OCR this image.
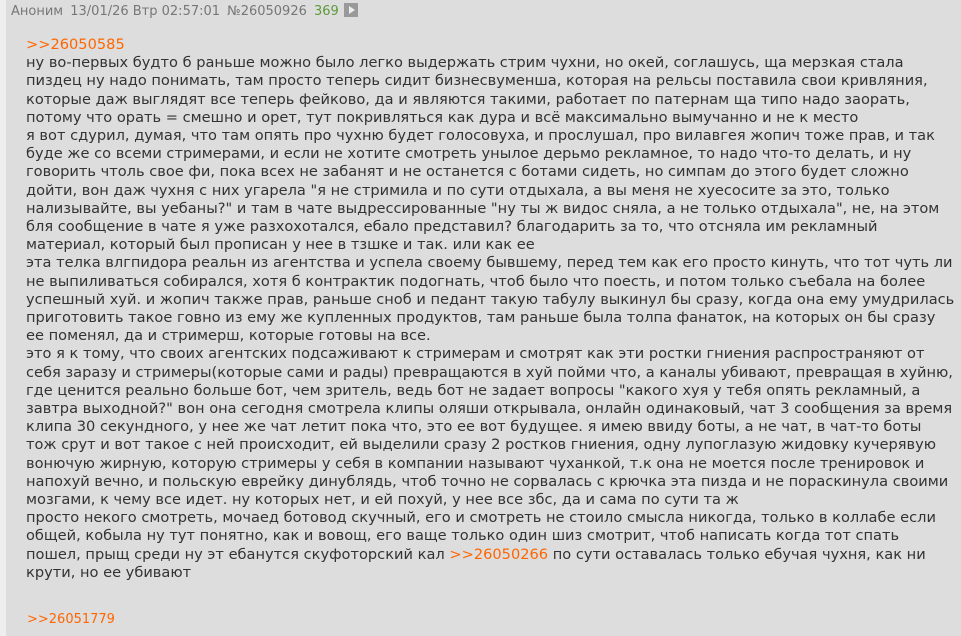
Аноним 13/01/26 Втр 02:57:01 №26050926 369

>>26050585

ну во-первых будто б раньше можно было легко выдержать стрим чухни, но окей, соглашусь, ща мерзкая стала пиздец ну надо понимать, там просто теперь сидит бизнесвуменша, которая на рельсы поставила свои кривляния, которые даж выглядят все теперь фейково, да и являются такими, работает по патернам ща типо надо заорать, потому что орать = смешно и орет, тут покривляться как дура и всё максимально вымучанно и не к место

я вот сдурил, думая, что там опять про чухню будет голосовуха, и прослушал, про вилавгея жопич тоже прав, и так буде же со всеми стримерами, и если не хотите смотреть унылое дерьмо рекламное, то надо что-то делать, и ну говорить чтоль свое фи, пока всех не забанят и не останется с ботами сидеть, но симпам до этого будет сложно дойти, вон даж чухня с них угарела "я не стримила и по сути отдыхала, а вы меня не хуесосите за это, только нализывайте, вы уебаны?" и там в чате выдрессированные "ну ты ж видос сняла, а не только отдыхала", не, на этом бля сообщение в чате я уже разхохотался, ебало представил? благодарить за то, что отсняла им рекламный материал, который был прописан у нее в тзшке и так. или как ее

эта телка влгпидора реальн из агентства и успела своему бывшему, перед тем как его просто кинуть, что тот чуть ли не выпиливаться собирался, хотя б контрактик подогнать, чтоб было что поесть, и потом только съебала на более успешный хуй. и жопич также прав, раньше сноб и педант такую табулу выкинул бы сразу, когда она ему умудрилась приготовить такое говно из ему же купленных продуктов, там раньше была толпа фанаток, на которых он бы сразу ее поменял, да и стримерш, которые готовы на все.

это я к тому, что своих агентских подсаживают к стримерам и смотрят как эти ростки гниения распространяют от себя заразу и стримеры(которые сами и рады) превращаются в хуй пойми что, а каналы убивают, превращая в хуйню, где ценится реально больше бот, чем зритель, ведь бот не задает вопросы "какого хуя у тебя опять рекламный, а завтра выходной?" вон она сегодня смотрела клипы оляши открывала, онлайн одинаковый, чат 3 сообщения за время клипа 30 секундного, у нее же чат летит пока что, это ее вот будущее. я имею ввиду боты, а не чат, в чат-то боты тож срут и вот такое с ней происходит, ей выделили сразу 2 ростков гниения, одну лупоглазую жидовку кучерявую вонючую жирную, которую стримеры у себя в компании называют чуханкой, т.к она не моется после тренировок и напохуй вечно, и польскую еврейку динублядь, чтоб точно не сорвалась с крючка эта пизда и не пораскинула своими мозгами, к чему все идет. ну которых нет, и ей похуй, у нее все збс, да и сама по сути та ж

просто некого смотреть, мочаед ботовод скучный, его и смотреть не стоило смысла никогда, только в коллабе если общей, кобыла ну тут понятно, как и вовощ, его ваще только один шиз смотрит, чтоб написать когда тот спать пошел, прыщ среди ну эт ебанутся скуфоторский кал >>26050266 по сути оставалась только ебучая чухня, как ни крути, но ее убивают

>>26051779
